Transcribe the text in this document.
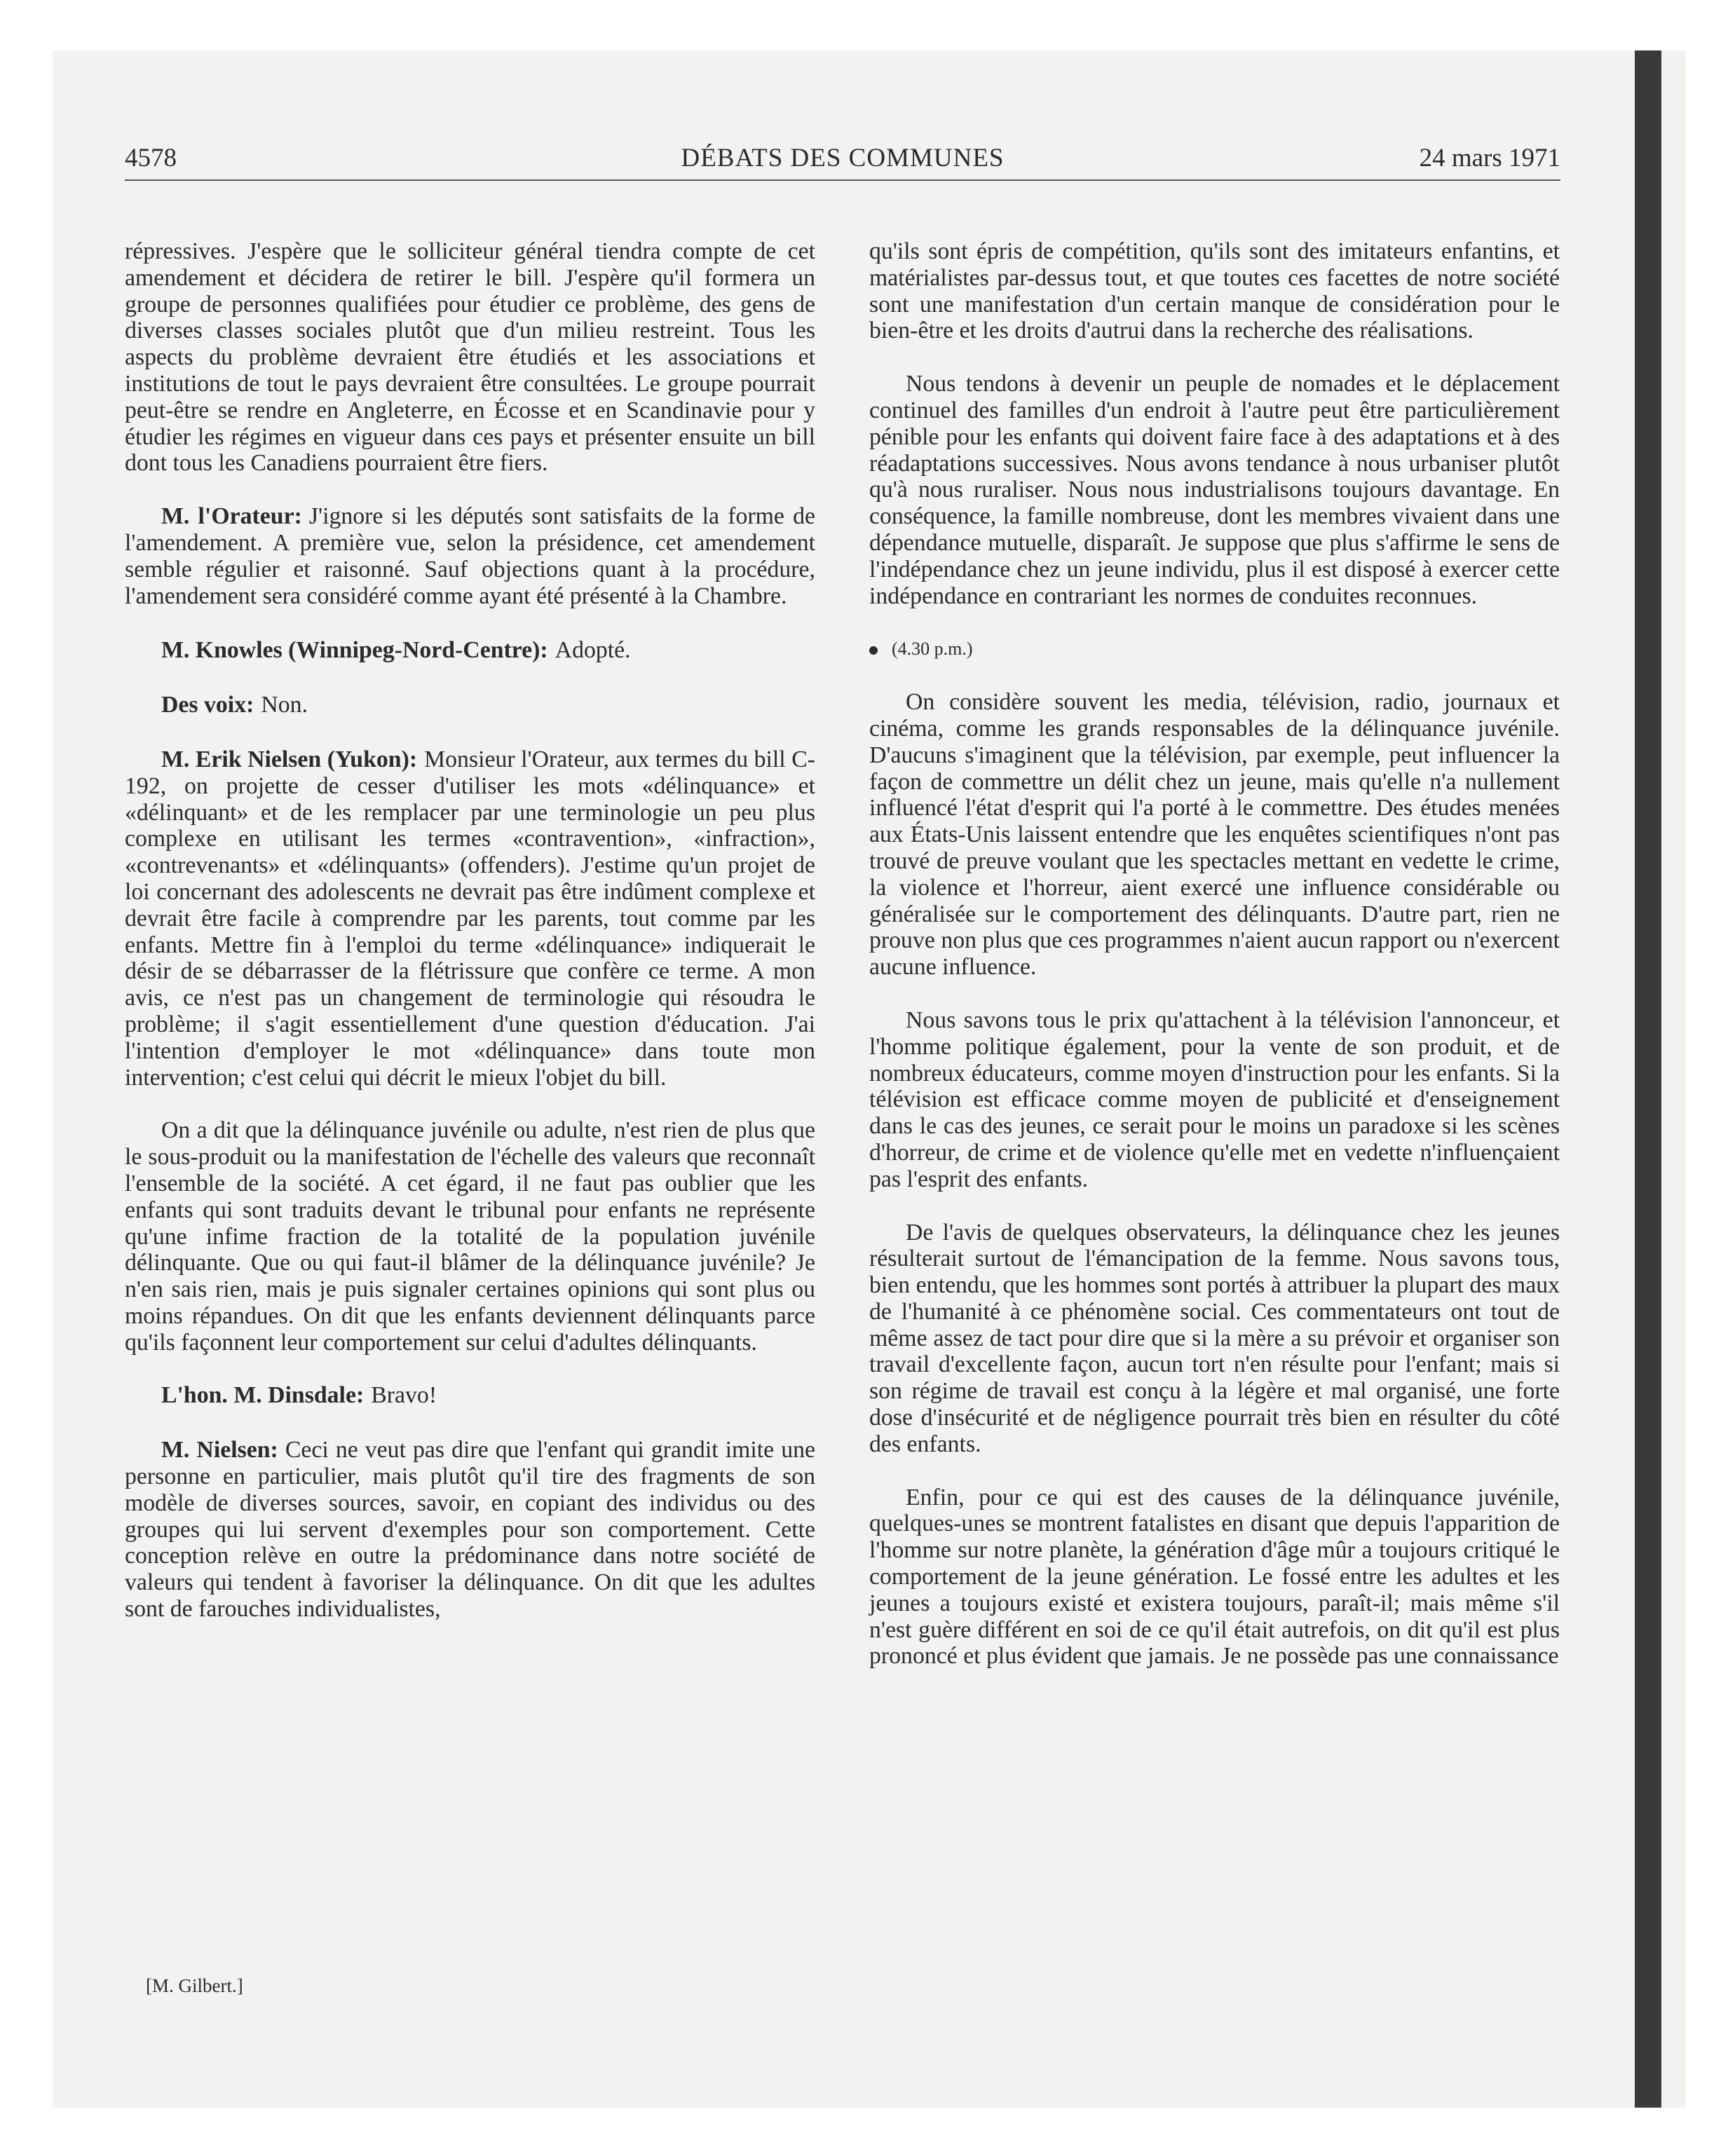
4578	DÉBATS DES COMMUNES	24 mars 1971

répressives. J'espère que le solliciteur général tiendra compte de cet amendement et décidera de retirer le bill. J'espère qu'il formera un groupe de personnes qualifiées pour étudier ce problème, des gens de diverses classes sociales plutôt que d'un milieu restreint. Tous les aspects du problème devraient être étudiés et les associations et institutions de tout le pays devraient être consultées. Le groupe pourrait peut-être se rendre en Angleterre, en Écosse et en Scandinavie pour y étudier les régimes en vigueur dans ces pays et présenter ensuite un bill dont tous les Canadiens pourraient être fiers.

M. l'Orateur: J'ignore si les députés sont satisfaits de la forme de l'amendement. A première vue, selon la présidence, cet amendement semble régulier et raisonné. Sauf objections quant à la procédure, l'amendement sera considéré comme ayant été présenté à la Chambre.

M. Knowles (Winnipeg-Nord-Centre): Adopté.

Des voix: Non.

M. Erik Nielsen (Yukon): Monsieur l'Orateur, aux termes du bill C-192, on projette de cesser d'utiliser les mots «délinquance» et «délinquant» et de les remplacer par une terminologie un peu plus complexe en utilisant les termes «contravention», «infraction», «contrevenants» et «délinquants» (offenders). J'estime qu'un projet de loi concernant des adolescents ne devrait pas être indûment complexe et devrait être facile à comprendre par les parents, tout comme par les enfants. Mettre fin à l'emploi du terme «délinquance» indiquerait le désir de se débarrasser de la flétrissure que confère ce terme. A mon avis, ce n'est pas un changement de terminologie qui résoudra le problème; il s'agit essentiellement d'une question d'éducation. J'ai l'intention d'employer le mot «délinquance» dans toute mon intervention; c'est celui qui décrit le mieux l'objet du bill.

On a dit que la délinquance juvénile ou adulte, n'est rien de plus que le sous-produit ou la manifestation de l'échelle des valeurs que reconnaît l'ensemble de la société. A cet égard, il ne faut pas oublier que les enfants qui sont traduits devant le tribunal pour enfants ne représente qu'une infime fraction de la totalité de la population juvénile délinquante. Que ou qui faut-il blâmer de la délinquance juvénile? Je n'en sais rien, mais je puis signaler certaines opinions qui sont plus ou moins répandues. On dit que les enfants deviennent délinquants parce qu'ils façonnent leur comportement sur celui d'adultes délinquants.

L'hon. M. Dinsdale: Bravo!

M. Nielsen: Ceci ne veut pas dire que l'enfant qui grandit imite une personne en particulier, mais plutôt qu'il tire des fragments de son modèle de diverses sources, savoir, en copiant des individus ou des groupes qui lui servent d'exemples pour son comportement. Cette conception relève en outre la prédominance dans notre société de valeurs qui tendent à favoriser la délinquance. On dit que les adultes sont de farouches individualistes,

[M. Gilbert.]

qu'ils sont épris de compétition, qu'ils sont des imitateurs enfantins, et matérialistes par-dessus tout, et que toutes ces facettes de notre société sont une manifestation d'un certain manque de considération pour le bien-être et les droits d'autrui dans la recherche des réalisations.

Nous tendons à devenir un peuple de nomades et le déplacement continuel des familles d'un endroit à l'autre peut être particulièrement pénible pour les enfants qui doivent faire face à des adaptations et à des réadaptations successives. Nous avons tendance à nous urbaniser plutôt qu'à nous ruraliser. Nous nous industrialisons toujours davantage. En conséquence, la famille nombreuse, dont les membres vivaient dans une dépendance mutuelle, disparaît. Je suppose que plus s'affirme le sens de l'indépendance chez un jeune individu, plus il est disposé à exercer cette indépendance en contrariant les normes de conduites reconnues.

(4.30 p.m.)

On considère souvent les media, télévision, radio, journaux et cinéma, comme les grands responsables de la délinquance juvénile. D'aucuns s'imaginent que la télévision, par exemple, peut influencer la façon de commettre un délit chez un jeune, mais qu'elle n'a nullement influencé l'état d'esprit qui l'a porté à le commettre. Des études menées aux États-Unis laissent entendre que les enquêtes scientifiques n'ont pas trouvé de preuve voulant que les spectacles mettant en vedette le crime, la violence et l'horreur, aient exercé une influence considérable ou généralisée sur le comportement des délinquants. D'autre part, rien ne prouve non plus que ces programmes n'aient aucun rapport ou n'exercent aucune influence.

Nous savons tous le prix qu'attachent à la télévision l'annonceur, et l'homme politique également, pour la vente de son produit, et de nombreux éducateurs, comme moyen d'instruction pour les enfants. Si la télévision est efficace comme moyen de publicité et d'enseignement dans le cas des jeunes, ce serait pour le moins un paradoxe si les scènes d'horreur, de crime et de violence qu'elle met en vedette n'influençaient pas l'esprit des enfants.

De l'avis de quelques observateurs, la délinquance chez les jeunes résulterait surtout de l'émancipation de la femme. Nous savons tous, bien entendu, que les hommes sont portés à attribuer la plupart des maux de l'humanité à ce phénomène social. Ces commentateurs ont tout de même assez de tact pour dire que si la mère a su prévoir et organiser son travail d'excellente façon, aucun tort n'en résulte pour l'enfant; mais si son régime de travail est conçu à la légère et mal organisé, une forte dose d'insécurité et de négligence pourrait très bien en résulter du côté des enfants.

Enfin, pour ce qui est des causes de la délinquance juvénile, quelques-unes se montrent fatalistes en disant que depuis l'apparition de l'homme sur notre planète, la génération d'âge mûr a toujours critiqué le comportement de la jeune génération. Le fossé entre les adultes et les jeunes a toujours existé et existera toujours, paraît-il; mais même s'il n'est guère différent en soi de ce qu'il était autrefois, on dit qu'il est plus prononcé et plus évident que jamais. Je ne possède pas une connaissance
